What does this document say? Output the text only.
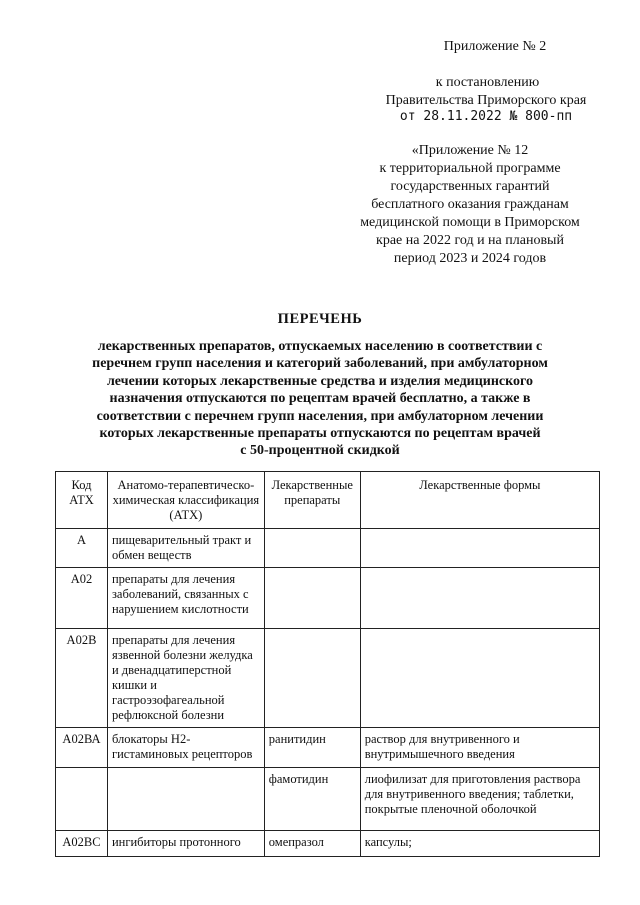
Приложение № 2
к постановлению
Правительства Приморского края
от 28.11.2022 № 800-пп
«Приложение № 12
к территориальной программе
государственных гарантий
бесплатного оказания гражданам
медицинской помощи в Приморском
крае на 2022 год и на плановый
период 2023 и 2024 годов
ПЕРЕЧЕНЬ
лекарственных препаратов, отпускаемых населению в соответствии с
перечнем групп населения и категорий заболеваний, при амбулаторном
лечении которых лекарственные средства и изделия медицинского
назначения отпускаются по рецептам врачей бесплатно, а также в
соответствии с перечнем групп населения, при амбулаторном лечении
которых лекарственные препараты отпускаются по рецептам врачей
с 50-процентной скидкой
Код АТХ	Анатомо-терапевтическо-химическая классификация (АТХ)	Лекарственные препараты	Лекарственные формы
А	пищеварительный тракт и обмен веществ		
А02	препараты для лечения заболеваний, связанных с нарушением кислотности		
А02В	препараты для лечения язвенной болезни желудка и двенадцатиперстной кишки и гастроэзофагеальной рефлюксной болезни		
А02ВА	блокаторы Н2-гистаминовых рецепторов	ранитидин	раствор для внутривенного и внутримышечного введения
		фамотидин	лиофилизат для приготовления раствора для внутривенного введения; таблетки, покрытые пленочной оболочкой
А02ВС	ингибиторы протонного	омепразол	капсулы;
